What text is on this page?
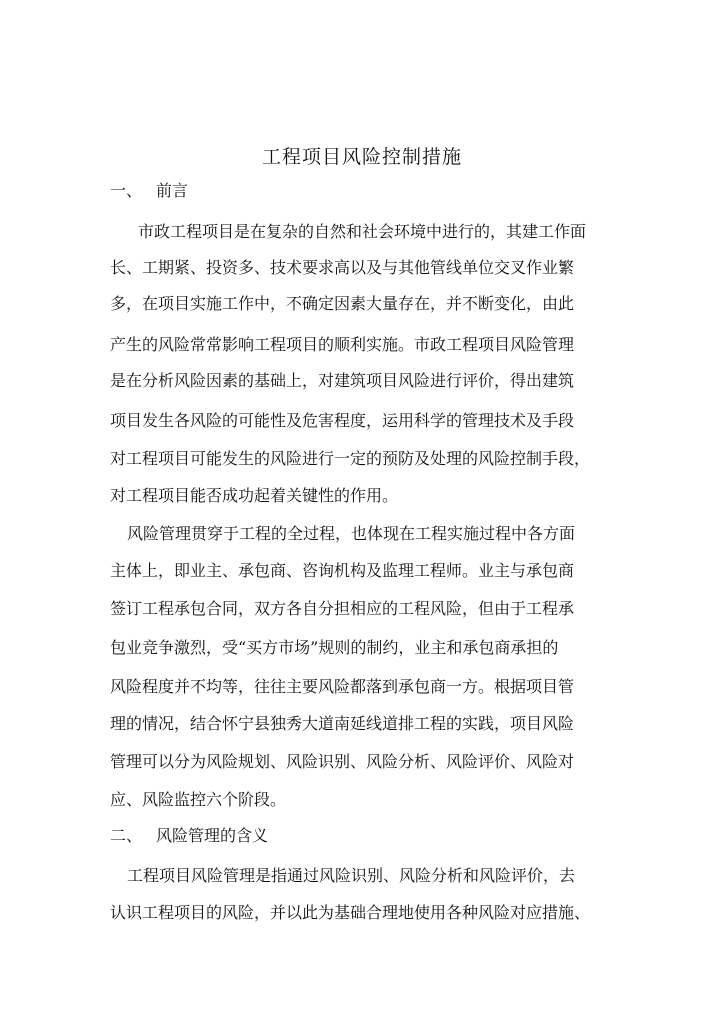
工程项目风险控制措施
一、 前言
市政工程项目是在复杂的自然和社会环境中进行的，其建工作面
长、工期紧、投资多、技术要求高以及与其他管线单位交叉作业繁
多，在项目实施工作中，不确定因素大量存在，并不断变化，由此
产生的风险常常影响工程项目的顺利实施。市政工程项目风险管理
是在分析风险因素的基础上，对建筑项目风险进行评价，得出建筑
项目发生各风险的可能性及危害程度，运用科学的管理技术及手段
对工程项目可能发生的风险进行一定的预防及处理的风险控制手段，
对工程项目能否成功起着关键性的作用。
风险管理贯穿于工程的全过程，也体现在工程实施过程中各方面
主体上，即业主、承包商、咨询机构及监理工程师。业主与承包商
签订工程承包合同，双方各自分担相应的工程风险，但由于工程承
包业竞争激烈，受“买方市场”规则的制约，业主和承包商承担的
风险程度并不均等，往往主要风险都落到承包商一方。根据项目管
理的情况，结合怀宁县独秀大道南延线道排工程的实践，项目风险
管理可以分为风险规划、风险识别、风险分析、风险评价、风险对
应、风险监控六个阶段。
二、 风险管理的含义
工程项目风险管理是指通过风险识别、风险分析和风险评价，去
认识工程项目的风险，并以此为基础合理地使用各种风险对应措施、
